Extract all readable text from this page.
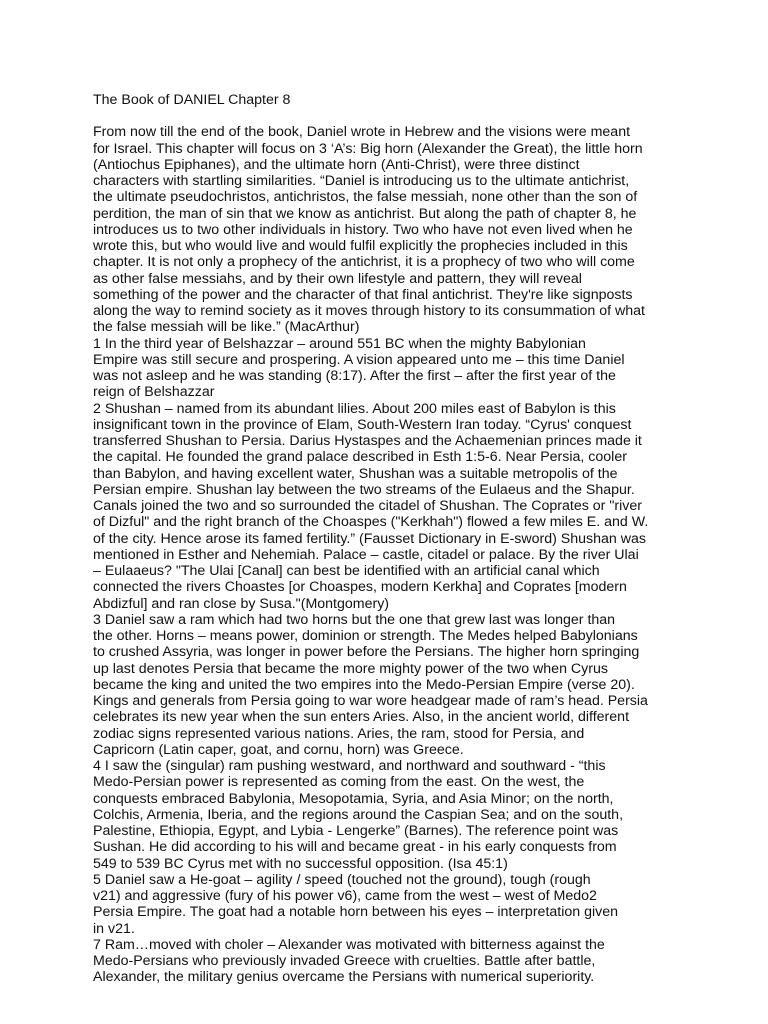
The Book of DANIEL Chapter 8
From now till the end of the book, Daniel wrote in Hebrew and the visions were meant
for Israel. This chapter will focus on 3 ‘A’s: Big horn (Alexander the Great), the little horn
(Antiochus Epiphanes), and the ultimate horn (Anti-Christ), were three distinct
characters with startling similarities. “Daniel is introducing us to the ultimate antichrist,
the ultimate pseudochristos, antichristos, the false messiah, none other than the son of
perdition, the man of sin that we know as antichrist. But along the path of chapter 8, he
introduces us to two other individuals in history. Two who have not even lived when he
wrote this, but who would live and would fulfil explicitly the prophecies included in this
chapter. It is not only a prophecy of the antichrist, it is a prophecy of two who will come
as other false messiahs, and by their own lifestyle and pattern, they will reveal
something of the power and the character of that final antichrist. They're like signposts
along the way to remind society as it moves through history to its consummation of what
the false messiah will be like.” (MacArthur)
1 In the third year of Belshazzar – around 551 BC when the mighty Babylonian
Empire was still secure and prospering. A vision appeared unto me – this time Daniel
was not asleep and he was standing (8:17). After the first – after the first year of the
reign of Belshazzar
2 Shushan – named from its abundant lilies. About 200 miles east of Babylon is this
insignificant town in the province of Elam, South-Western Iran today. “Cyrus' conquest
transferred Shushan to Persia. Darius Hystaspes and the Achaemenian princes made it
the capital. He founded the grand palace described in Esth 1:5-6. Near Persia, cooler
than Babylon, and having excellent water, Shushan was a suitable metropolis of the
Persian empire. Shushan lay between the two streams of the Eulaeus and the Shapur.
Canals joined the two and so surrounded the citadel of Shushan. The Coprates or "river
of Dizful" and the right branch of the Choaspes ("Kerkhah") flowed a few miles E. and W.
of the city. Hence arose its famed fertility.” (Fausset Dictionary in E-sword) Shushan was
mentioned in Esther and Nehemiah. Palace – castle, citadel or palace. By the river Ulai
– Eulaaeus? "The Ulai [Canal] can best be identified with an artificial canal which
connected the rivers Choastes [or Choaspes, modern Kerkha] and Coprates [modern
Abdizful] and ran close by Susa."(Montgomery)
3 Daniel saw a ram which had two horns but the one that grew last was longer than
the other. Horns – means power, dominion or strength. The Medes helped Babylonians
to crushed Assyria, was longer in power before the Persians. The higher horn springing
up last denotes Persia that became the more mighty power of the two when Cyrus
became the king and united the two empires into the Medo-Persian Empire (verse 20).
Kings and generals from Persia going to war wore headgear made of ram’s head. Persia
celebrates its new year when the sun enters Aries. Also, in the ancient world, different
zodiac signs represented various nations. Aries, the ram, stood for Persia, and
Capricorn (Latin caper, goat, and cornu, horn) was Greece.
4 I saw the (singular) ram pushing westward, and northward and southward - “this
Medo-Persian power is represented as coming from the east. On the west, the
conquests embraced Babylonia, Mesopotamia, Syria, and Asia Minor; on the north,
Colchis, Armenia, Iberia, and the regions around the Caspian Sea; and on the south,
Palestine, Ethiopia, Egypt, and Lybia - Lengerke” (Barnes). The reference point was
Sushan. He did according to his will and became great - in his early conquests from
549 to 539 BC Cyrus met with no successful opposition. (Isa 45:1)
5 Daniel saw a He-goat – agility / speed (touched not the ground), tough (rough
v21) and aggressive (fury of his power v6), came from the west – west of Medo2
Persia Empire. The goat had a notable horn between his eyes – interpretation given
in v21.
7 Ram…moved with choler – Alexander was motivated with bitterness against the
Medo-Persians who previously invaded Greece with cruelties. Battle after battle,
Alexander, the military genius overcame the Persians with numerical superiority.
